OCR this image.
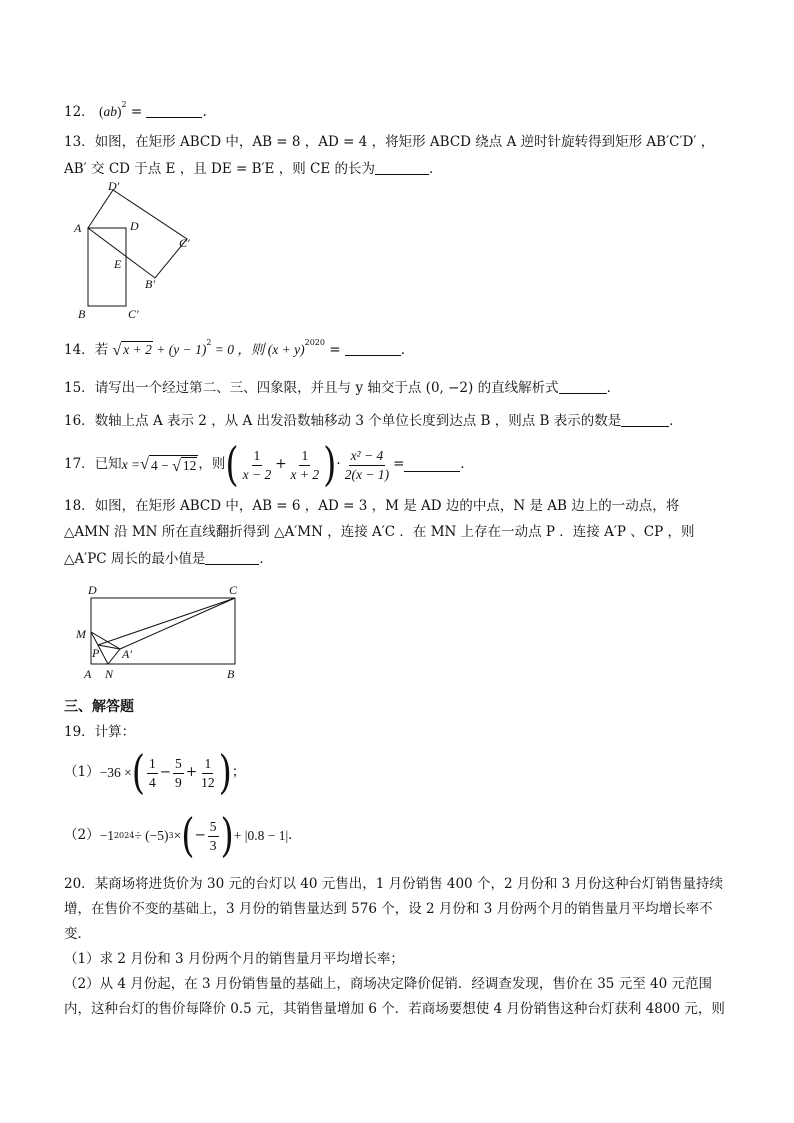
12． (ab)$^2$ =	.
13．如图，在矩形 ABCD 中，AB = 8 ，AD = 4 ，将矩形 ABCD 绕点 A 逆时针旋转得到矩形 AB′C′D′ ，
AB′ 交 CD 于点 E ，且 DE = B′E ，则 CE 的长为	．
A
D′
D
C′
E
B′
B	C′
14．若 √ $x + 2 + (y - 1)^2 = 0$ ，则 $(x + y)^{2020}$ =	．
15．请写出一个经过第二、三、四象限，并且与 y 轴交于点 (0, −2) 的直线解析式	．
16．数轴上点 A 表示 2 ，从 A 出发沿数轴移动 3 个单位长度到达点 B ，则点 B 表示的数是	．
17． 已知 x = √ 4 − √ 12 ，则 ( $\frac{1}{x - 2} + \frac{1}{x + 2}$ ) · $\frac{\text{x² − 4}}{2(x - 1)}$ =	．
18．如图，在矩形 ABCD 中，AB = 6 ，AD = 3 ，M 是 AD 边的中点，N 是 AB 边上的一动点，将
△AMN 沿 MN 所在直线翻折得到 △A′MN ，连接 A′C ．在 MN 上存在一动点 P ．连接 A′P 、CP ，则
△A′PC 周长的最小值是	．
D	C
M
P A′
A N	B
三、解答题
19．计算：
（1） −36 × ( $\frac{1}{4} - \frac{5}{9} + \frac{1}{12}$ ) ；
（2） −1 2024 ÷ (−5) 3 × ( − $\frac{5}{3}$ ) + |0.8 − 1| ．
20．某商场将进货价为 30 元的台灯以 40 元售出，1 月份销售 400 个，2 月份和 3 月份这种台灯销售量持续
增，在售价不变的基础上，3 月份的销售量达到 576 个，设 2 月份和 3 月份两个月的销售量月平均增长率不
变．
（1）求 2 月份和 3 月份两个月的销售量月平均增长率；
（2）从 4 月份起，在 3 月份销售量的基础上，商场决定降价促销．经调查发现，售价在 35 元至 40 元范围
内，这种台灯的售价每降价 0.5 元，其销售量增加 6 个．若商场要想使 4 月份销售这种台灯获利 4800 元，则
